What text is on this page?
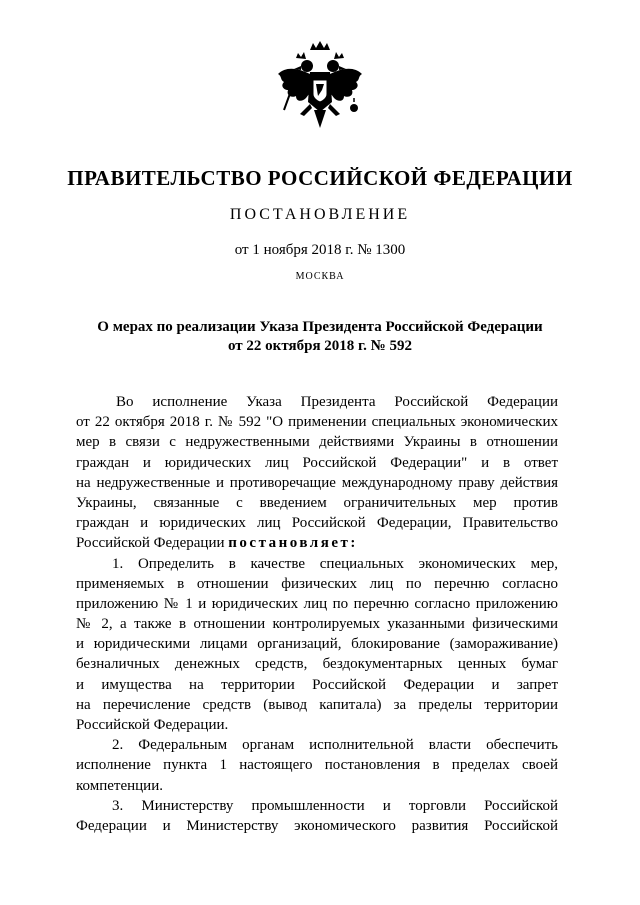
ПРАВИТЕЛЬСТВО РОССИЙСКОЙ ФЕДЕРАЦИИ
ПОСТАНОВЛЕНИЕ
от 1 ноября 2018 г. № 1300
МОСКВА
О мерах по реализации Указа Президента Российской Федерации
от 22 октября 2018 г. № 592
Во исполнение Указа Президента Российской Федерации
от 22 октября 2018 г. № 592 "О применении специальных экономических
мер в связи с недружественными действиями Украины в отношении
граждан и юридических лиц Российской Федерации" и в ответ
на недружественные и противоречащие международному праву действия
Украины, связанные с введением ограничительных мер против
граждан и юридических лиц Российской Федерации, Правительство
Российской Федерации постановляет:
1. Определить в качестве специальных экономических мер,
применяемых в отношении физических лиц по перечню согласно
приложению № 1 и юридических лиц по перечню согласно приложению
№ 2, а также в отношении контролируемых указанными физическими
и юридическими лицами организаций, блокирование (замораживание)
безналичных денежных средств, бездокументарных ценных бумаг
и имущества на территории Российской Федерации и запрет
на перечисление средств (вывод капитала) за пределы территории
Российской Федерации.
2. Федеральным органам исполнительной власти обеспечить
исполнение пункта 1 настоящего постановления в пределах своей
компетенции.
3. Министерству промышленности и торговли Российской
Федерации и Министерству экономического развития Российской
